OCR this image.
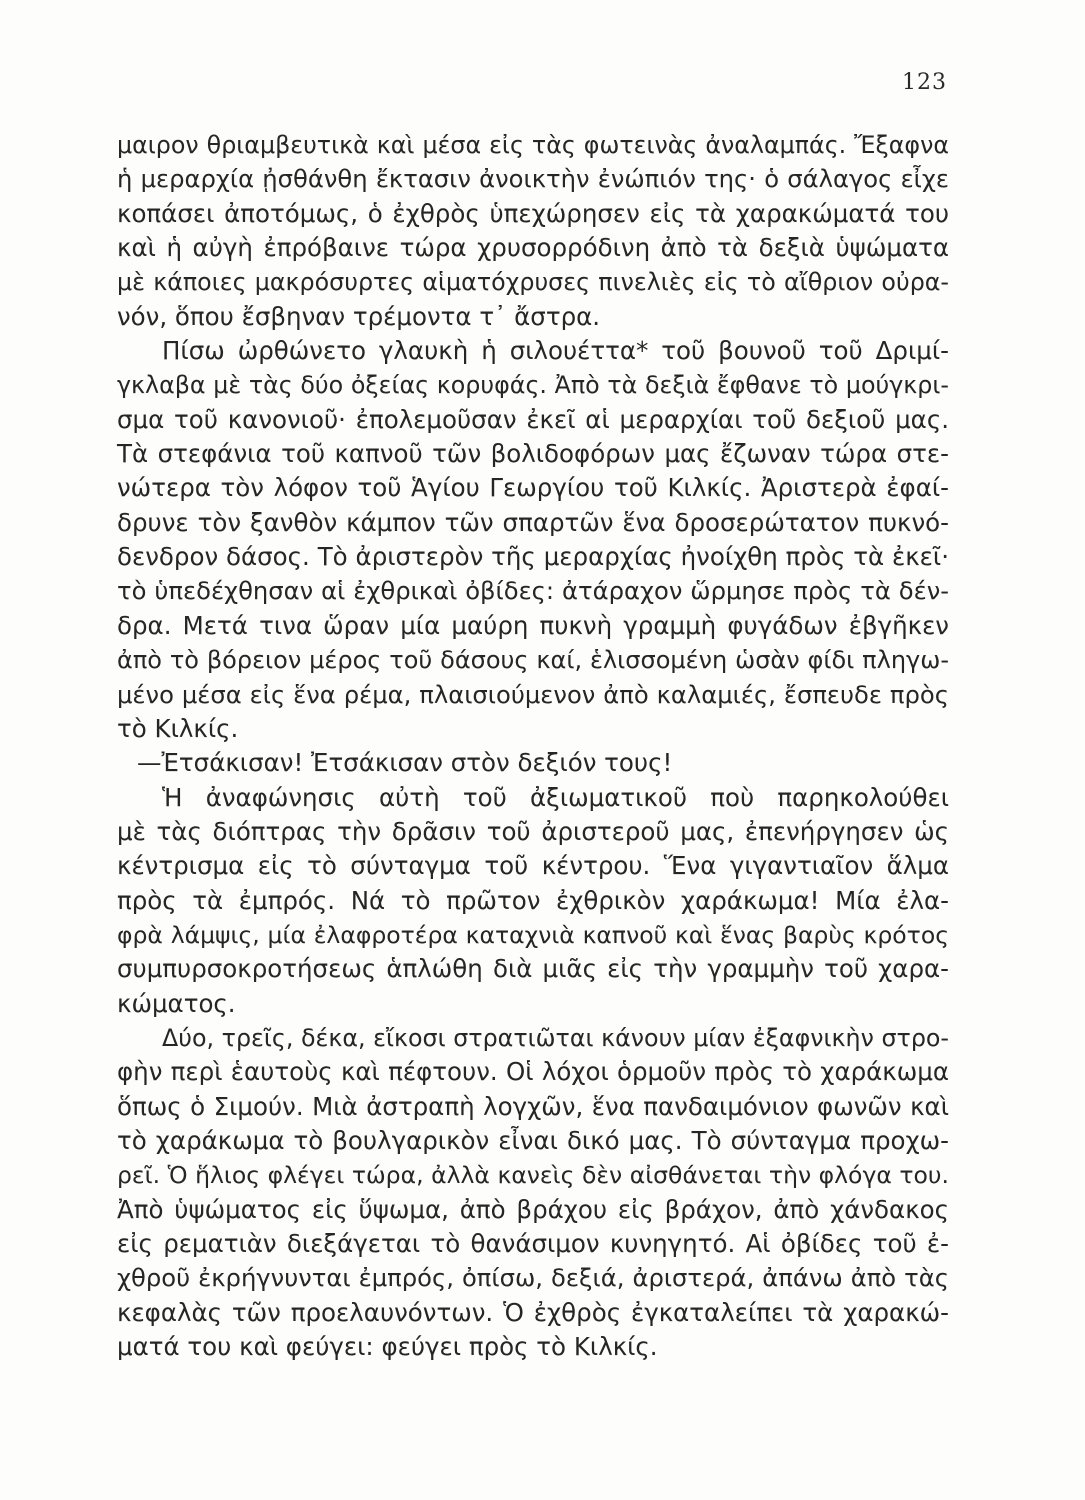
123
μαιρον θριαμβευτικὰ καὶ μέσα εἰς τὰς φωτεινὰς ἀναλαμπάς. Ἔξαφνα
ἡ μεραρχία ᾐσθάνθη ἔκτασιν ἀνοικτὴν ἐνώπιόν της· ὁ σάλαγος εἶχε
κοπάσει ἀποτόμως, ὁ ἐχθρὸς ὑπεχώρησεν εἰς τὰ χαρακώματά του
καὶ ἡ αὐγὴ ἐπρόβαινε τώρα χρυσορρόδινη ἀπὸ τὰ δεξιὰ ὑψώματα
μὲ κάποιες μακρόσυρτες αἱματόχρυσες πινελιὲς εἰς τὸ αἴθριον οὐρα-
νόν, ὅπου ἔσβηναν τρέμοντα τ᾽ ἄστρα.
Πίσω ὠρθώνετο γλαυκὴ ἡ σιλουέττα* τοῦ βουνοῦ τοῦ Δριμί-
γκλαβα μὲ τὰς δύο ὀξείας κορυφάς. Ἀπὸ τὰ δεξιὰ ἔφθανε τὸ μούγκρι-
σμα τοῦ κανονιοῦ· ἐπολεμοῦσαν ἐκεῖ αἱ μεραρχίαι τοῦ δεξιοῦ μας.
Τὰ στεφάνια τοῦ καπνοῦ τῶν βολιδοφόρων μας ἔζωναν τώρα στε-
νώτερα τὸν λόφον τοῦ Ἁγίου Γεωργίου τοῦ Κιλκίς. Ἀριστερὰ ἐφαί-
δρυνε τὸν ξανθὸν κάμπον τῶν σπαρτῶν ἕνα δροσερώτατον πυκνό-
δενδρον δάσος. Τὸ ἀριστερὸν τῆς μεραρχίας ἠνοίχθη πρὸς τὰ ἐκεῖ·
τὸ ὑπεδέχθησαν αἱ ἐχθρικαὶ ὀβίδες: ἀτάραχον ὥρμησε πρὸς τὰ δέν-
δρα. Μετά τινα ὥραν μία μαύρη πυκνὴ γραμμὴ φυγάδων ἐβγῆκεν
ἀπὸ τὸ βόρειον μέρος τοῦ δάσους καί, ἑλισσομένη ὡσὰν φίδι πληγω-
μένο μέσα εἰς ἕνα ρέμα, πλαισιούμενον ἀπὸ καλαμιές, ἔσπευδε πρὸς
τὸ Κιλκίς.
—Ἐτσάκισαν! Ἐτσάκισαν στὸν δεξιόν τους!
Ἡ ἀναφώνησις αὐτὴ τοῦ ἀξιωματικοῦ ποὺ παρηκολούθει
μὲ τὰς διόπτρας τὴν δρᾶσιν τοῦ ἀριστεροῦ μας, ἐπενήργησεν ὡς
κέντρισμα εἰς τὸ σύνταγμα τοῦ κέντρου. Ἕνα γιγαντιαῖον ἅλμα
πρὸς τὰ ἐμπρός. Νά τὸ πρῶτον ἐχθρικὸν χαράκωμα! Μία ἐλα-
φρὰ λάμψις, μία ἐλαφροτέρα καταχνιὰ καπνοῦ καὶ ἕνας βαρὺς κρότος
συμπυρσοκροτήσεως ἁπλώθη διὰ μιᾶς εἰς τὴν γραμμὴν τοῦ χαρα-
κώματος.
Δύο, τρεῖς, δέκα, εἴκοσι στρατιῶται κάνουν μίαν ἐξαφνικὴν στρο-
φὴν περὶ ἑαυτοὺς καὶ πέφτουν. Οἱ λόχοι ὁρμοῦν πρὸς τὸ χαράκωμα
ὅπως ὁ Σιμούν. Μιὰ ἀστραπὴ λογχῶν, ἕνα πανδαιμόνιον φωνῶν καὶ
τὸ χαράκωμα τὸ βουλγαρικὸν εἶναι δικό μας. Τὸ σύνταγμα προχω-
ρεῖ. Ὁ ἥλιος φλέγει τώρα, ἀλλὰ κανεὶς δὲν αἰσθάνεται τὴν φλόγα του.
Ἀπὸ ὑψώματος εἰς ὕψωμα, ἀπὸ βράχου εἰς βράχον, ἀπὸ χάνδακος
εἰς ρεματιὰν διεξάγεται τὸ θανάσιμον κυνηγητό. Αἱ ὀβίδες τοῦ ἐ-
χθροῦ ἐκρήγνυνται ἐμπρός, ὀπίσω, δεξιά, ἀριστερά, ἀπάνω ἀπὸ τὰς
κεφαλὰς τῶν προελαυνόντων. Ὁ ἐχθρὸς ἐγκαταλείπει τὰ χαρακώ-
ματά του καὶ φεύγει: φεύγει πρὸς τὸ Κιλκίς.
